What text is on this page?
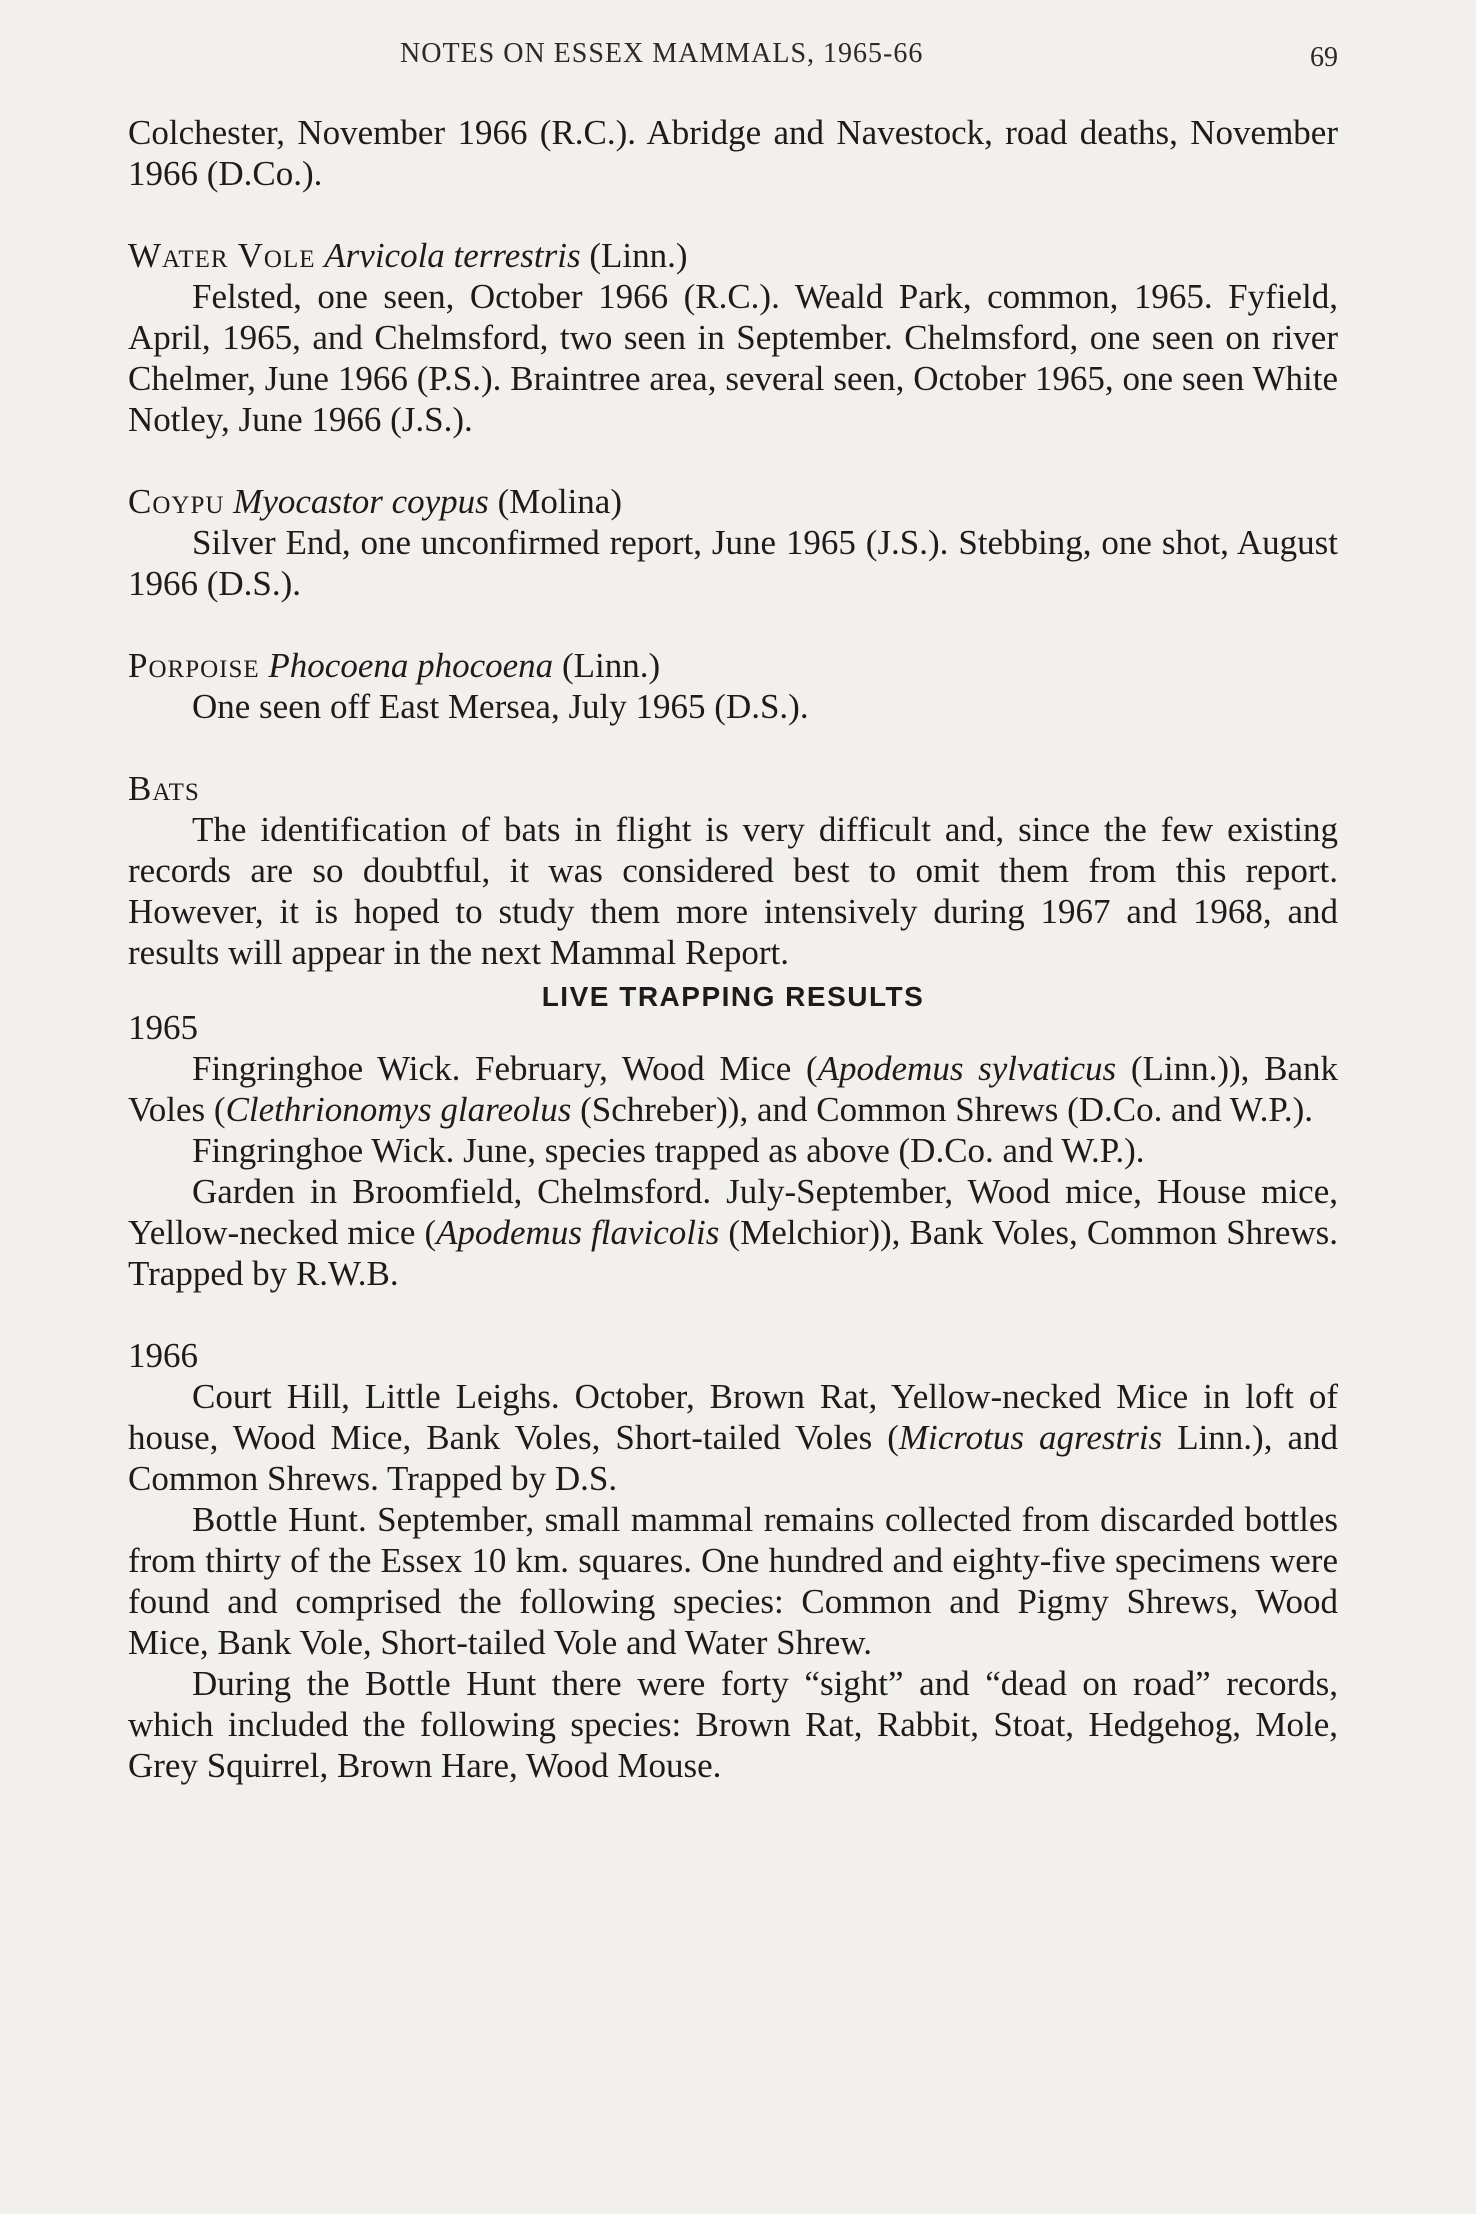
NOTES ON ESSEX MAMMALS, 1965-66	69

Colchester, November 1966 (R.C.). Abridge and Navestock, road deaths, November 1966 (D.Co.).

Water Vole Arvicola terrestris (Linn.)

Felsted, one seen, October 1966 (R.C.). Weald Park, common, 1965. Fyfield, April, 1965, and Chelmsford, two seen in September. Chelmsford, one seen on river Chelmer, June 1966 (P.S.). Braintree area, several seen, October 1965, one seen White Notley, June 1966 (J.S.).

Coypu Myocastor coypus (Molina)

Silver End, one unconfirmed report, June 1965 (J.S.). Stebbing, one shot, August 1966 (D.S.).

Porpoise Phocoena phocoena (Linn.)

One seen off East Mersea, July 1965 (D.S.).

Bats

The identification of bats in flight is very difficult and, since the few existing records are so doubtful, it was considered best to omit them from this report. However, it is hoped to study them more intensively during 1967 and 1968, and results will appear in the next Mammal Report.

LIVE TRAPPING RESULTS

1965

Fingringhoe Wick. February, Wood Mice (Apodemus sylvaticus (Linn.)), Bank Voles (Clethrionomys glareolus (Schreber)), and Common Shrews (D.Co. and W.P.).

Fingringhoe Wick. June, species trapped as above (D.Co. and W.P.).

Garden in Broomfield, Chelmsford. July-September, Wood mice, House mice, Yellow-necked mice (Apodemus flavicolis (Melchior)), Bank Voles, Common Shrews. Trapped by R.W.B.

1966

Court Hill, Little Leighs. October, Brown Rat, Yellow-necked Mice in loft of house, Wood Mice, Bank Voles, Short-tailed Voles (Microtus agrestris Linn.), and Common Shrews. Trapped by D.S.

Bottle Hunt. September, small mammal remains collected from discarded bottles from thirty of the Essex 10 km. squares. One hundred and eighty-five specimens were found and comprised the following species: Common and Pigmy Shrews, Wood Mice, Bank Vole, Short-tailed Vole and Water Shrew.

During the Bottle Hunt there were forty “sight” and “dead on road” records, which included the following species: Brown Rat, Rabbit, Stoat, Hedgehog, Mole, Grey Squirrel, Brown Hare, Wood Mouse.
